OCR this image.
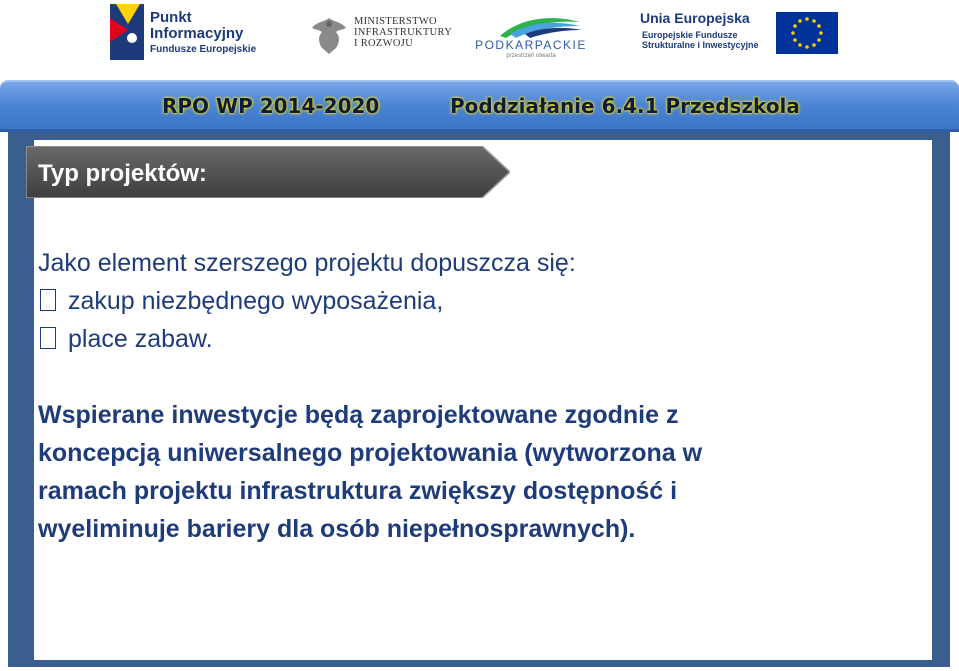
Punkt Informacyjny
Fundusze Europejskie
MINISTERSTWO
INFRASTRUKTURY
I ROZWOJU	PODKARPACKIE
przestrzeń otwarta
Unia Europejska
Europejskie Fundusze
Strukturalne i Inwestycyjne
RPO WP 2014-2020	Poddziałanie 6.4.1 Przedszkola
Typ projektów:
Jako element szerszego projektu dopuszcza się:
zakup niezbędnego wyposażenia,
place zabaw.
Wspierane inwestycje będą zaprojektowane zgodnie z
koncepcją uniwersalnego projektowania (wytworzona w
ramach projektu infrastruktura zwiększy dostępność i
wyeliminuje bariery dla osób niepełnosprawnych).
